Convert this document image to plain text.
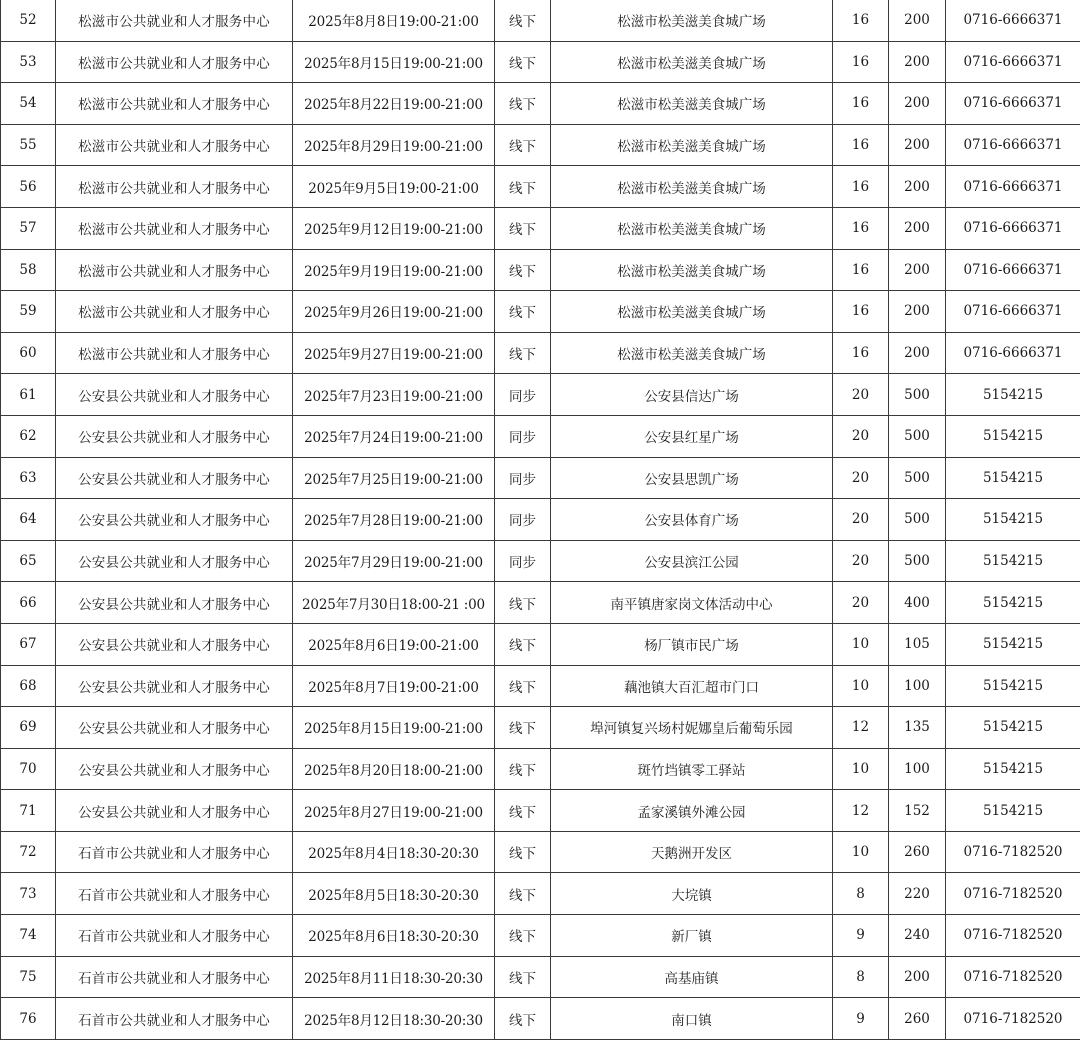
52	松滋市公共就业和人才服务中心	2025年8月8日19:00-21:00	线下	松滋市松美滋美食城广场	16	200	0716-6666371
53	松滋市公共就业和人才服务中心	2025年8月15日19:00-21:00	线下	松滋市松美滋美食城广场	16	200	0716-6666371
54	松滋市公共就业和人才服务中心	2025年8月22日19:00-21:00	线下	松滋市松美滋美食城广场	16	200	0716-6666371
55	松滋市公共就业和人才服务中心	2025年8月29日19:00-21:00	线下	松滋市松美滋美食城广场	16	200	0716-6666371
56	松滋市公共就业和人才服务中心	2025年9月5日19:00-21:00	线下	松滋市松美滋美食城广场	16	200	0716-6666371
57	松滋市公共就业和人才服务中心	2025年9月12日19:00-21:00	线下	松滋市松美滋美食城广场	16	200	0716-6666371
58	松滋市公共就业和人才服务中心	2025年9月19日19:00-21:00	线下	松滋市松美滋美食城广场	16	200	0716-6666371
59	松滋市公共就业和人才服务中心	2025年9月26日19:00-21:00	线下	松滋市松美滋美食城广场	16	200	0716-6666371
60	松滋市公共就业和人才服务中心	2025年9月27日19:00-21:00	线下	松滋市松美滋美食城广场	16	200	0716-6666371
61	公安县公共就业和人才服务中心	2025年7月23日19:00-21:00	同步	公安县信达广场	20	500	5154215
62	公安县公共就业和人才服务中心	2025年7月24日19:00-21:00	同步	公安县红星广场	20	500	5154215
63	公安县公共就业和人才服务中心	2025年7月25日19:00-21:00	同步	公安县思凯广场	20	500	5154215
64	公安县公共就业和人才服务中心	2025年7月28日19:00-21:00	同步	公安县体育广场	20	500	5154215
65	公安县公共就业和人才服务中心	2025年7月29日19:00-21:00	同步	公安县滨江公园	20	500	5154215
66	公安县公共就业和人才服务中心	2025年7月30日18:00-21 :00	线下	南平镇唐家岗文体活动中心	20	400	5154215
67	公安县公共就业和人才服务中心	2025年8月6日19:00-21:00	线下	杨厂镇市民广场	10	105	5154215
68	公安县公共就业和人才服务中心	2025年8月7日19:00-21:00	线下	藕池镇大百汇超市门口	10	100	5154215
69	公安县公共就业和人才服务中心	2025年8月15日19:00-21:00	线下	埠河镇复兴场村妮娜皇后葡萄乐园	12	135	5154215
70	公安县公共就业和人才服务中心	2025年8月20日18:00-21:00	线下	斑竹垱镇零工驿站	10	100	5154215
71	公安县公共就业和人才服务中心	2025年8月27日19:00-21:00	线下	孟家溪镇外滩公园	12	152	5154215
72	石首市公共就业和人才服务中心	2025年8月4日18:30-20:30	线下	天鹅洲开发区	10	260	0716-7182520
73	石首市公共就业和人才服务中心	2025年8月5日18:30-20:30	线下	大垸镇	8	220	0716-7182520
74	石首市公共就业和人才服务中心	2025年8月6日18:30-20:30	线下	新厂镇	9	240	0716-7182520
75	石首市公共就业和人才服务中心	2025年8月11日18:30-20:30	线下	高基庙镇	8	200	0716-7182520
76	石首市公共就业和人才服务中心	2025年8月12日18:30-20:30	线下	南口镇	9	260	0716-7182520
